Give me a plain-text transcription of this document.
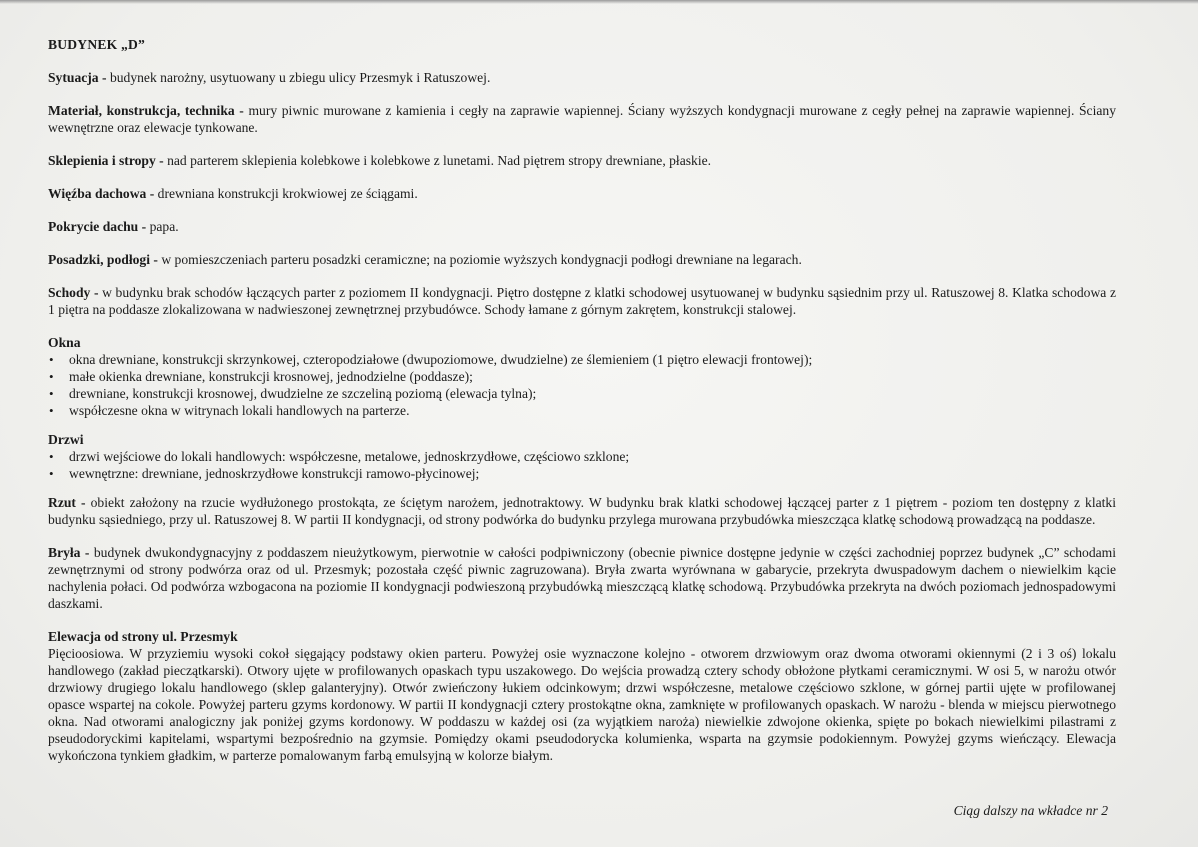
BUDYNEK „D”

Sytuacja - budynek narożny, usytuowany u zbiegu ulicy Przesmyk i Ratuszowej.

Materiał, konstrukcja, technika - mury piwnic murowane z kamienia i cegły na zaprawie wapiennej. Ściany wyższych kondygnacji murowane z cegły pełnej na zaprawie wapiennej. Ściany wewnętrzne oraz elewacje tynkowane.

Sklepienia i stropy - nad parterem sklepienia kolebkowe i kolebkowe z lunetami. Nad piętrem stropy drewniane, płaskie.

Więźba dachowa - drewniana konstrukcji krokwiowej ze ściągami.

Pokrycie dachu - papa.

Posadzki, podłogi - w pomieszczeniach parteru posadzki ceramiczne; na poziomie wyższych kondygnacji podłogi drewniane na legarach.

Schody - w budynku brak schodów łączących parter z poziomem II kondygnacji. Piętro dostępne z klatki schodowej usytuowanej w budynku sąsiednim przy ul. Ratuszowej 8. Klatka schodowa z 1 piętra na poddasze zlokalizowana w nadwieszonej zewnętrznej przybudówce. Schody łamane z górnym zakrętem, konstrukcji stalowej.

Okna
• okna drewniane, konstrukcji skrzynkowej, czteropodziałowe (dwupoziomowe, dwudzielne) ze ślemieniem (1 piętro elewacji frontowej);
• małe okienka drewniane, konstrukcji krosnowej, jednodzielne (poddasze);
• drewniane, konstrukcji krosnowej, dwudzielne ze szczeliną poziomą (elewacja tylna);
• współczesne okna w witrynach lokali handlowych na parterze.
Drzwi
• drzwi wejściowe do lokali handlowych: współczesne, metalowe, jednoskrzydłowe, częściowo szklone;
• wewnętrzne: drewniane, jednoskrzydłowe konstrukcji ramowo-płycinowej;

Rzut - obiekt założony na rzucie wydłużonego prostokąta, ze ściętym narożem, jednotraktowy. W budynku brak klatki schodowej łączącej parter z 1 piętrem - poziom ten dostępny z klatki budynku sąsiedniego, przy ul. Ratuszowej 8. W partii II kondygnacji, od strony podwórka do budynku przylega murowana przybudówka mieszcząca klatkę schodową prowadzącą na poddasze.

Bryła - budynek dwukondygnacyjny z poddaszem nieużytkowym, pierwotnie w całości podpiwniczony (obecnie piwnice dostępne jedynie w części zachodniej poprzez budynek „C” schodami zewnętrznymi od strony podwórza oraz od ul. Przesmyk; pozostała część piwnic zagruzowana). Bryła zwarta wyrównana w gabarycie, przekryta dwuspadowym dachem o niewielkim kącie nachylenia połaci. Od podwórza wzbogacona na poziomie II kondygnacji podwieszoną przybudówką mieszczącą klatkę schodową. Przybudówka przekryta na dwóch poziomach jednospadowymi daszkami.

Elewacja od strony ul. Przesmyk
Pięcioosiowa. W przyziemiu wysoki cokoł sięgający podstawy okien parteru. Powyżej osie wyznaczone kolejno - otworem drzwiowym oraz dwoma otworami okiennymi (2 i 3 oś) lokalu handlowego (zakład pieczątkarski). Otwory ujęte w profilowanych opaskach typu uszakowego. Do wejścia prowadzą cztery schody obłożone płytkami ceramicznymi. W osi 5, w narożu otwór drzwiowy drugiego lokalu handlowego (sklep galanteryjny). Otwór zwieńczony łukiem odcinkowym; drzwi współczesne, metalowe częściowo szklone, w górnej partii ujęte w profilowanej opasce wspartej na cokole. Powyżej parteru gzyms kordonowy. W partii II kondygnacji cztery prostokątne okna, zamknięte w profilowanych opaskach. W narożu - blenda w miejscu pierwotnego okna. Nad otworami analogiczny jak poniżej gzyms kordonowy. W poddaszu w każdej osi (za wyjątkiem naroża) niewielkie zdwojone okienka, spięte po bokach niewielkimi pilastrami z pseudodoryckimi kapitelami, wspartymi bezpośrednio na gzymsie. Pomiędzy okami pseudodorycka kolumienka, wsparta na gzymsie podokiennym. Powyżej gzyms wieńczący. Elewacja wykończona tynkiem gładkim, w parterze pomalowanym farbą emulsyjną w kolorze białym.
Ciąg dalszy na wkładce nr 2
